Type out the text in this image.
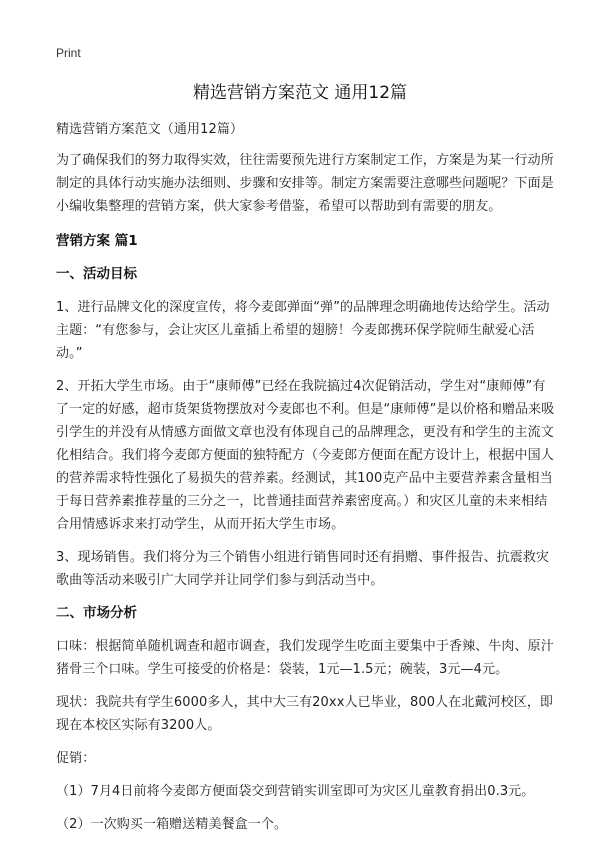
Print
精选营销方案范文 通用12篇

精选营销方案范文（通用12篇）

为了确保我们的努力取得实效，往往需要预先进行方案制定工作，方案是为某一行动所制定的具体行动实施办法细则、步骤和安排等。制定方案需要注意哪些问题呢？下面是小编收集整理的营销方案，供大家参考借鉴，希望可以帮助到有需要的朋友。

营销方案 篇1

一、活动目标

1、进行品牌文化的深度宣传，将今麦郎弹面“弹”的品牌理念明确地传达给学生。活动主题：“有您参与，会让灾区儿童插上希望的翅膀！今麦郎携环保学院师生献爱心活动。”

2、开拓大学生市场。由于“康师傅”已经在我院搞过4次促销活动，学生对“康师傅”有了一定的好感，超市货架货物摆放对今麦郎也不利。但是“康师傅”是以价格和赠品来吸引学生的并没有从情感方面做文章也没有体现自己的品牌理念，更没有和学生的主流文化相结合。我们将今麦郎方便面的独特配方（今麦郎方便面在配方设计上，根据中国人的营养需求特性强化了易损失的营养素。经测试，其100克产品中主要营养素含量相当于每日营养素推荐量的三分之一，比普通挂面营养素密度高。）和灾区儿童的未来相结合用情感诉求来打动学生，从而开拓大学生市场。

3、现场销售。我们将分为三个销售小组进行销售同时还有捐赠、事件报告、抗震救灾歌曲等活动来吸引广大同学并让同学们参与到活动当中。

二、市场分析

口味：根据简单随机调查和超市调查，我们发现学生吃面主要集中于香辣、牛肉、原汁猪骨三个口味。学生可接受的价格是：袋装，1元—1.5元；碗装，3元—4元。

现状：我院共有学生6000多人，其中大三有20xx人已毕业，800人在北戴河校区，即现在本校区实际有3200人。

促销：

（1）7月4日前将今麦郎方便面袋交到营销实训室即可为灾区儿童教育捐出0.3元。

（2）一次购买一箱赠送精美餐盒一个。
